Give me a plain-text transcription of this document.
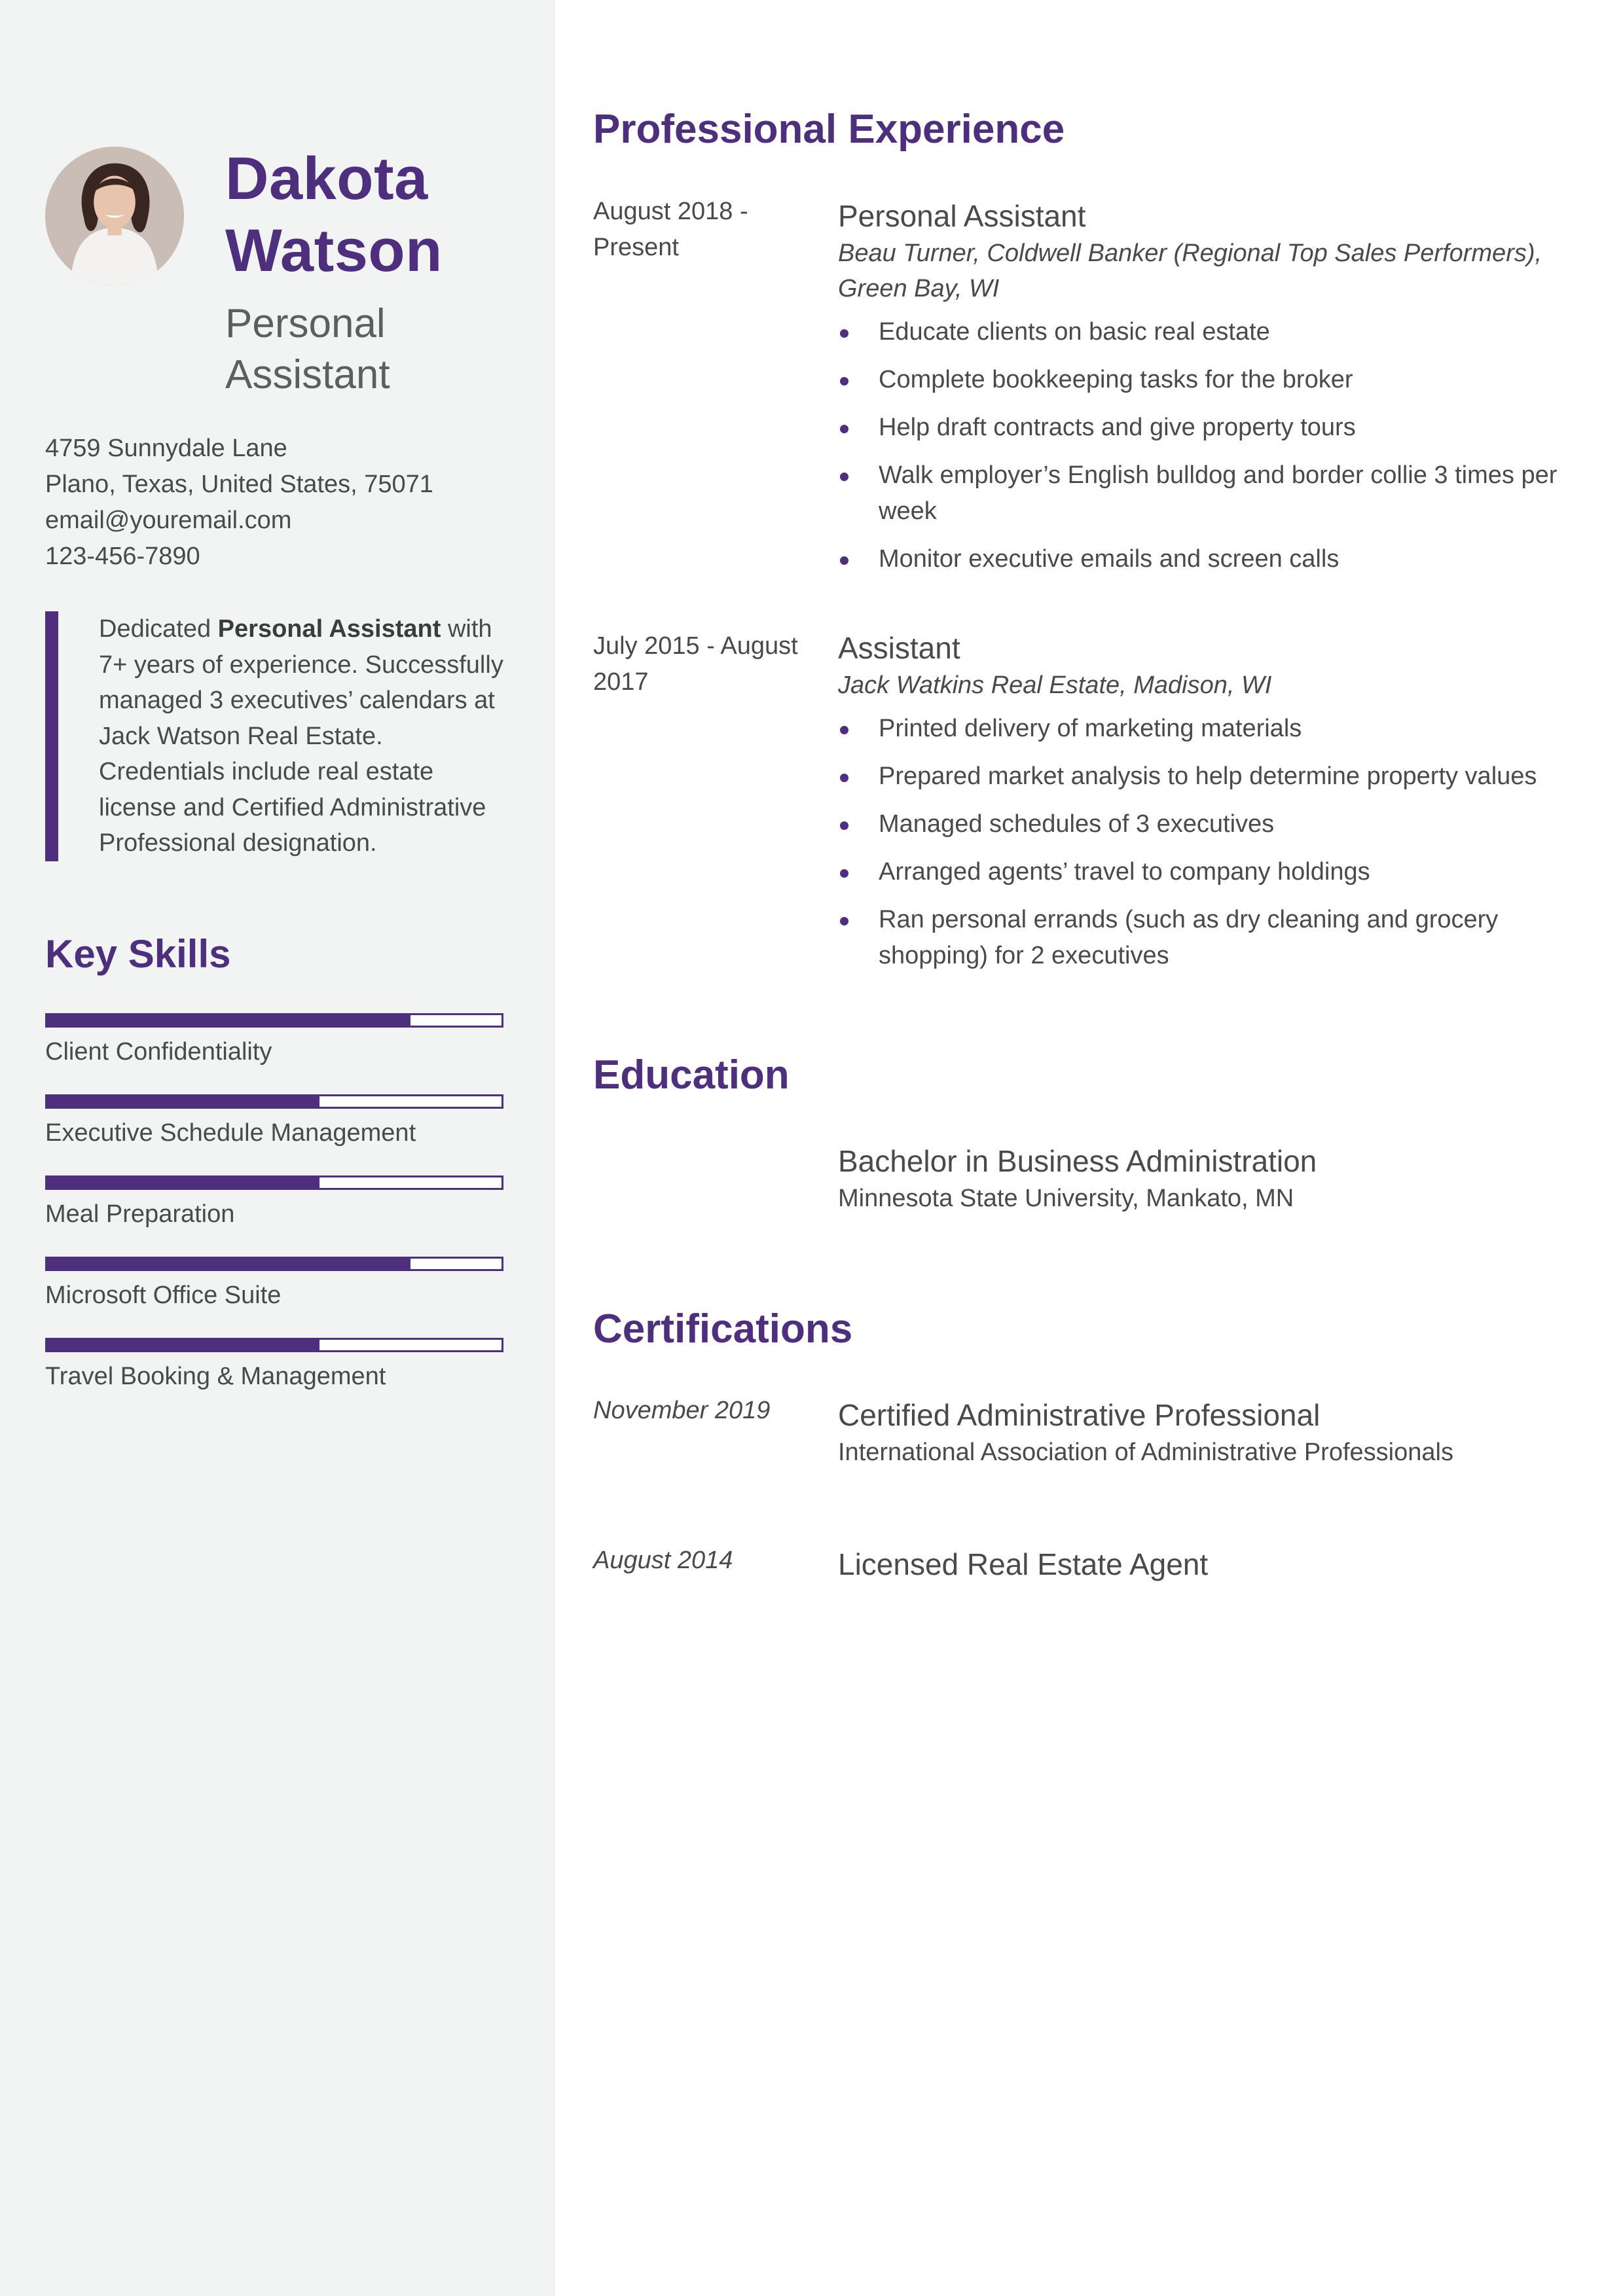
Dakota
Watson
Personal
Assistant
4759 Sunnydale Lane
Plano, Texas, United States, 75071
email@youremail.com
123-456-7890
Dedicated Personal Assistant with 7+ years of experience. Successfully managed 3 executives’ calendars at Jack Watson Real Estate. Credentials include real estate license and Certified Administrative Professional designation.
Key Skills
Client Confidentiality
Executive Schedule Management
Meal Preparation
Microsoft Office Suite
Travel Booking & Management
Professional Experience
August 2018 -
Present
Personal Assistant
Beau Turner, Coldwell Banker (Regional Top Sales Performers), Green Bay, WI
Educate clients on basic real estate
Complete bookkeeping tasks for the broker
Help draft contracts and give property tours
Walk employer’s English bulldog and border collie 3 times per week
Monitor executive emails and screen calls
July 2015 - August
2017
Assistant
Jack Watkins Real Estate, Madison, WI
Printed delivery of marketing materials
Prepared market analysis to help determine property values
Managed schedules of 3 executives
Arranged agents’ travel to company holdings
Ran personal errands (such as dry cleaning and grocery shopping) for 2 executives
Education
Bachelor in Business Administration
Minnesota State University, Mankato, MN
Certifications
November 2019	Certified Administrative Professional
International Association of Administrative Professionals
August 2014	Licensed Real Estate Agent
